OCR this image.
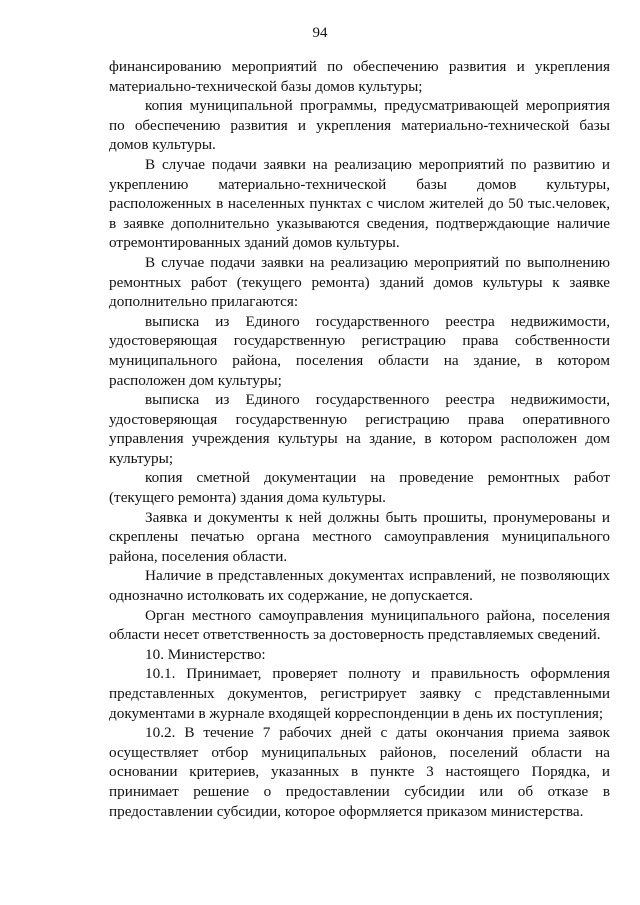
94

финансированию мероприятий по обеспечению развития и укрепления материально-технической базы домов культуры;

копия муниципальной программы, предусматривающей мероприятия по обеспечению развития и укрепления материально-технической базы домов культуры.

В случае подачи заявки на реализацию мероприятий по развитию и укреплению материально-технической базы домов культуры, расположенных в населенных пунктах с числом жителей до 50 тыс.человек, в заявке дополнительно указываются сведения, подтверждающие наличие отремонтированных зданий домов культуры.

В случае подачи заявки на реализацию мероприятий по выполнению ремонтных работ (текущего ремонта) зданий домов культуры к заявке дополнительно прилагаются:

выписка из Единого государственного реестра недвижимости, удостоверяющая государственную регистрацию права собственности муниципального района, поселения области на здание, в котором расположен дом культуры;

выписка из Единого государственного реестра недвижимости, удостоверяющая государственную регистрацию права оперативного управления учреждения культуры на здание, в котором расположен дом культуры;

копия сметной документации на проведение ремонтных работ (текущего ремонта) здания дома культуры.

Заявка и документы к ней должны быть прошиты, пронумерованы и скреплены печатью органа местного самоуправления муниципального района, поселения области.

Наличие в представленных документах исправлений, не позволяющих однозначно истолковать их содержание, не допускается.

Орган местного самоуправления муниципального района, поселения области несет ответственность за достоверность представляемых сведений.

10. Министерство:

10.1. Принимает, проверяет полноту и правильность оформления представленных документов, регистрирует заявку с представленными документами в журнале входящей корреспонденции в день их поступления;

10.2. В течение 7 рабочих дней с даты окончания приема заявок осуществляет отбор муниципальных районов, поселений области на основании критериев, указанных в пункте 3 настоящего Порядка, и принимает решение о предоставлении субсидии или об отказе в предоставлении субсидии, которое оформляется приказом министерства.
